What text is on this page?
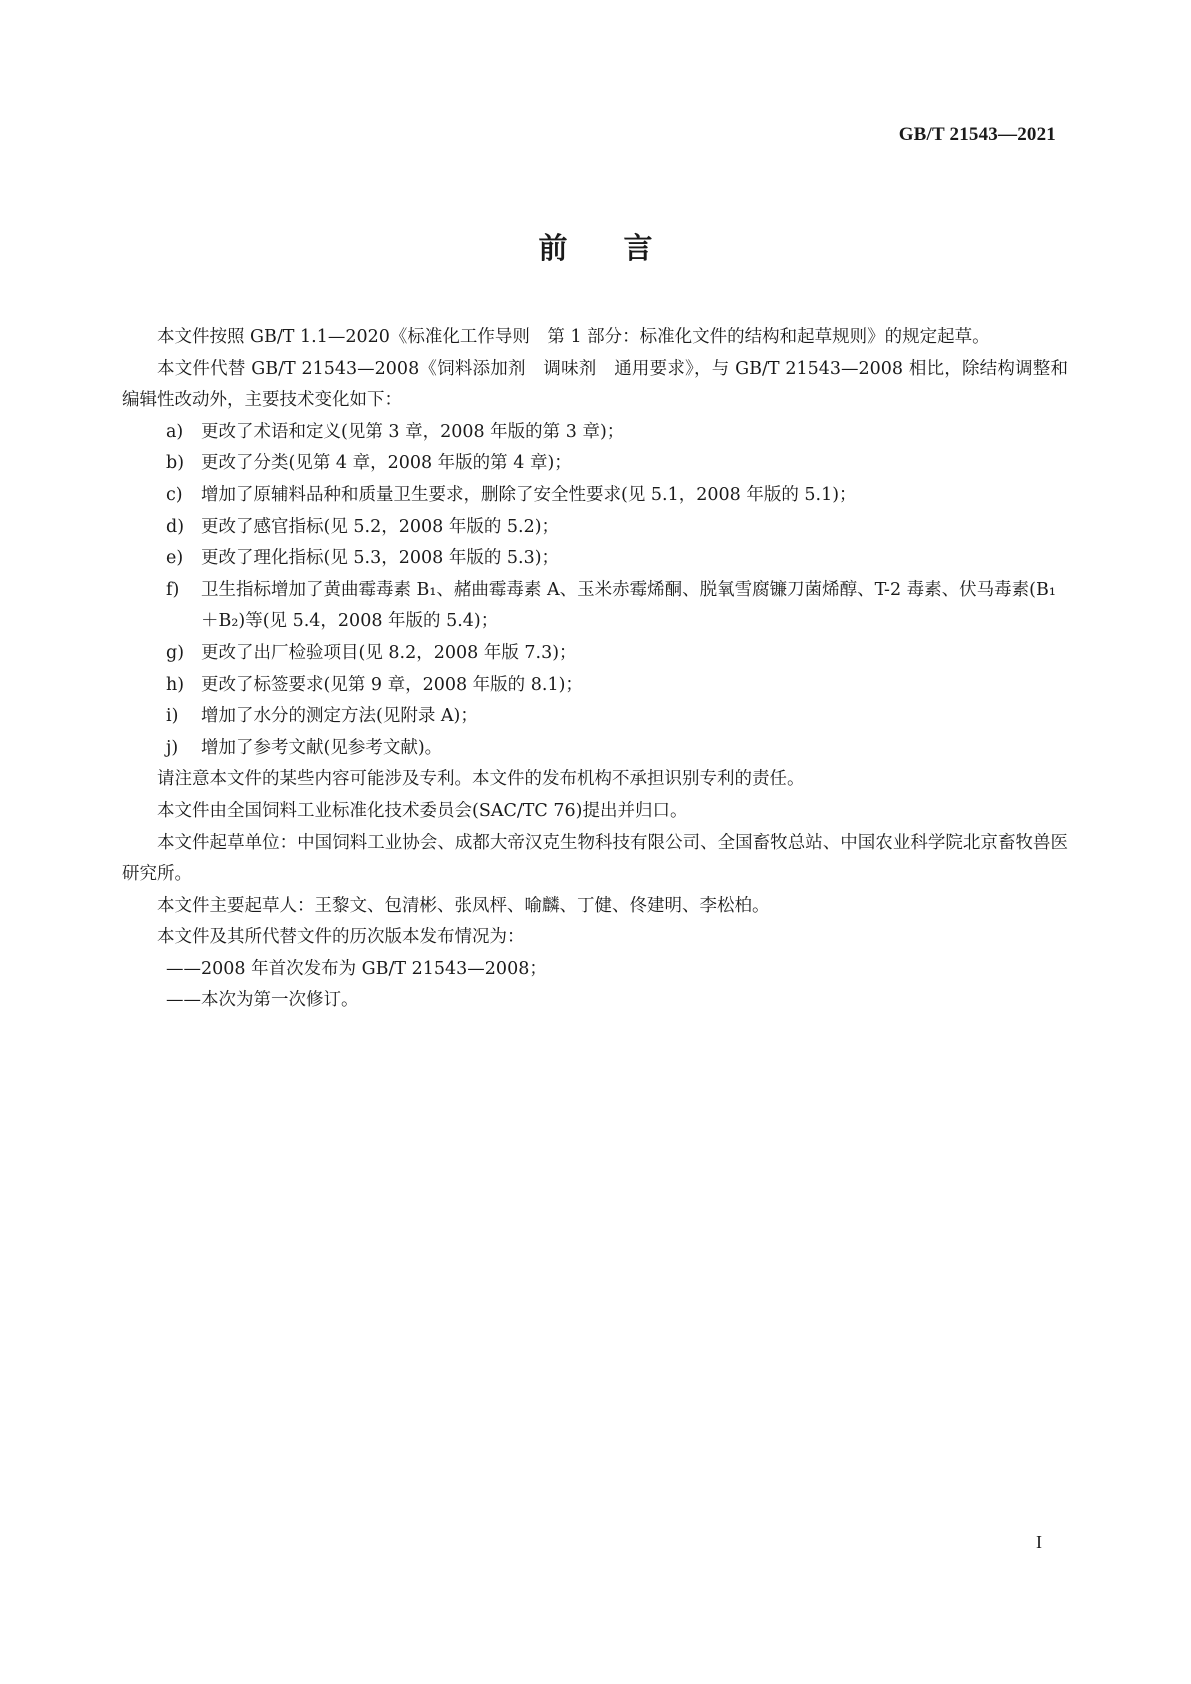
GB/T 21543—2021
前言

本文件按照 GB/T 1.1—2020《标准化工作导则　第 1 部分：标准化文件的结构和起草规则》的规定起草。

本文件代替 GB/T 21543—2008《饲料添加剂　调味剂　通用要求》，与 GB/T 21543—2008 相比，除结构调整和编辑性改动外，主要技术变化如下：

a) 更改了术语和定义(见第 3 章，2008 年版的第 3 章)；
b) 更改了分类(见第 4 章，2008 年版的第 4 章)；
c) 增加了原辅料品种和质量卫生要求，删除了安全性要求(见 5.1，2008 年版的 5.1)；
d) 更改了感官指标(见 5.2，2008 年版的 5.2)；
e) 更改了理化指标(见 5.3，2008 年版的 5.3)；
f) 卫生指标增加了黄曲霉毒素 B₁、赭曲霉毒素 A、玉米赤霉烯酮、脱氧雪腐镰刀菌烯醇、T-2 毒素、伏马毒素(B₁＋B₂)等(见 5.4，2008 年版的 5.4)；
g) 更改了出厂检验项目(见 8.2，2008 年版 7.3)；
h) 更改了标签要求(见第 9 章，2008 年版的 8.1)；
i) 增加了水分的测定方法(见附录 A)；
j) 增加了参考文献(见参考文献)。

请注意本文件的某些内容可能涉及专利。本文件的发布机构不承担识别专利的责任。

本文件由全国饲料工业标准化技术委员会(SAC/TC 76)提出并归口。

本文件起草单位：中国饲料工业协会、成都大帝汉克生物科技有限公司、全国畜牧总站、中国农业科学院北京畜牧兽医研究所。

本文件主要起草人：王黎文、包清彬、张凤枰、喻麟、丁健、佟建明、李松柏。

本文件及其所代替文件的历次版本发布情况为：

——2008 年首次发布为 GB/T 21543—2008；

——本次为第一次修订。

I
